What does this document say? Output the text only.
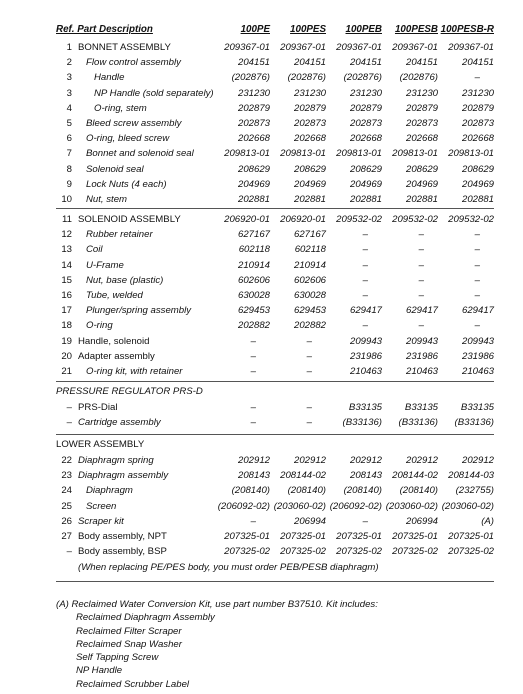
Ref. Part Description	100PE	100PES	100PEB	100PESB	100PESB-R
1	BONNET ASSEMBLY	209367-01	209367-01	209367-01	209367-01	209367-01
2	Flow control assembly	204151	204151	204151	204151	204151
3	Handle	(202876)	(202876)	(202876)	(202876)	–
3	NP Handle (sold separately)	231230	231230	231230	231230	231230
4	O-ring, stem	202879	202879	202879	202879	202879
5	Bleed screw assembly	202873	202873	202873	202873	202873
6	O-ring, bleed screw	202668	202668	202668	202668	202668
7	Bonnet and solenoid seal	209813-01	209813-01	209813-01	209813-01	209813-01
8	Solenoid seal	208629	208629	208629	208629	208629
9	Lock Nuts (4 each)	204969	204969	204969	204969	204969
10	Nut, stem	202881	202881	202881	202881	202881
11	SOLENOID ASSEMBLY	206920-01	206920-01	209532-02	209532-02	209532-02
12	Rubber retainer	627167	627167	–	–	–
13	Coil	602118	602118	–	–	–
14	U-Frame	210914	210914	–	–	–
15	Nut, base (plastic)	602606	602606	–	–	–
16	Tube, welded	630028	630028	–	–	–
17	Plunger/spring assembly	629453	629453	629417	629417	629417
18	O-ring	202882	202882	–	–	–
19	Handle, solenoid	–	–	209943	209943	209943
20	Adapter assembly	–	–	231986	231986	231986
21	O-ring kit, with retainer	–	–	210463	210463	210463
PRESSURE REGULATOR PRS-D
–	PRS-Dial	–	–	B33135	B33135	B33135
–	Cartridge assembly	–	–	(B33136)	(B33136)	(B33136)
LOWER ASSEMBLY
22	Diaphragm spring	202912	202912	202912	202912	202912
23	Diaphragm assembly	208143	208144-02	208143	208144-02	208144-03
24	Diaphragm	(208140)	(208140)	(208140)	(208140)	(232755)
25	Screen	(206092-02)	(203060-02)	(206092-02)	(203060-02)	(203060-02)
26	Scraper kit	–	206994	–	206994	(A)
27	Body assembly, NPT	207325-01	207325-01	207325-01	207325-01	207325-01
–	Body assembly, BSP	207325-02	207325-02	207325-02	207325-02	207325-02
(When replacing PE/PES body, you must order PEB/PESB diaphragm)
(A) Reclaimed Water Conversion Kit, use part number B37510. Kit includes:
Reclaimed Diaphragm Assembly
Reclaimed Filter Scraper
Reclaimed Snap Washer
Self Tapping Screw
NP Handle
Reclaimed Scrubber Label
